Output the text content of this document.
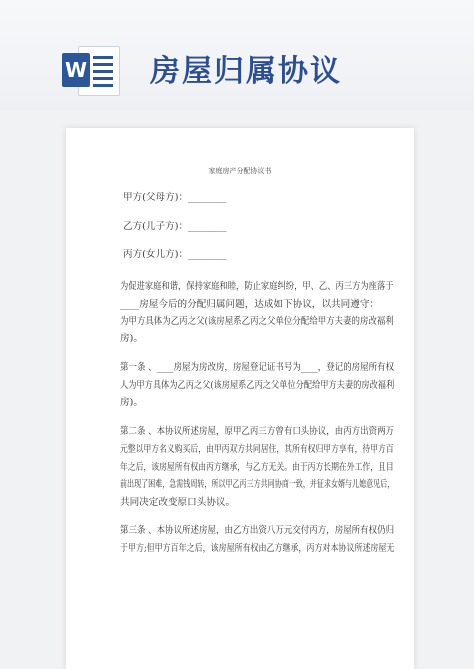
W 房屋归属协议
家庭房产分配协议书
甲方(父母方)：________
乙方(儿子方)：________
丙方(女儿方)：________
为促进家庭和谐，保持家庭和睦，防止家庭纠纷，甲、乙、丙三方为座落于
____房屋今后的分配归属问题，达成如下协议，以共同遵守：
为甲方具体为乙丙之父(该房屋系乙丙之父单位分配给甲方夫妻的房改福利
房)。
第一条 、____房屋为房改房，房屋登记证书号为____，登记的房屋所有权
人为甲方具体为乙丙之父(该房屋系乙丙之父单位分配给甲方夫妻的房改福利
房)。
第二条 、本协议所述房屋，原甲乙丙三方曾有口头协议，由丙方出资两万
元整以甲方名义购买后，由甲丙双方共同居住，其所有权归甲方享有，待甲方百
年之后，该房屋所有权由丙方继承，与乙方无关。由于丙方长期在外工作，且目
前出现了困难，急需钱周转，所以甲乙丙三方共同协商一致，并征求女婿与儿媳意见后，
共同决定改变原口头协议。
第三条 、本协议所述房屋，由乙方出资八万元交付丙方，房屋所有权仍归
于甲方;但甲方百年之后，该房屋所有权由乙方继承，丙方对本协议所述房屋无
